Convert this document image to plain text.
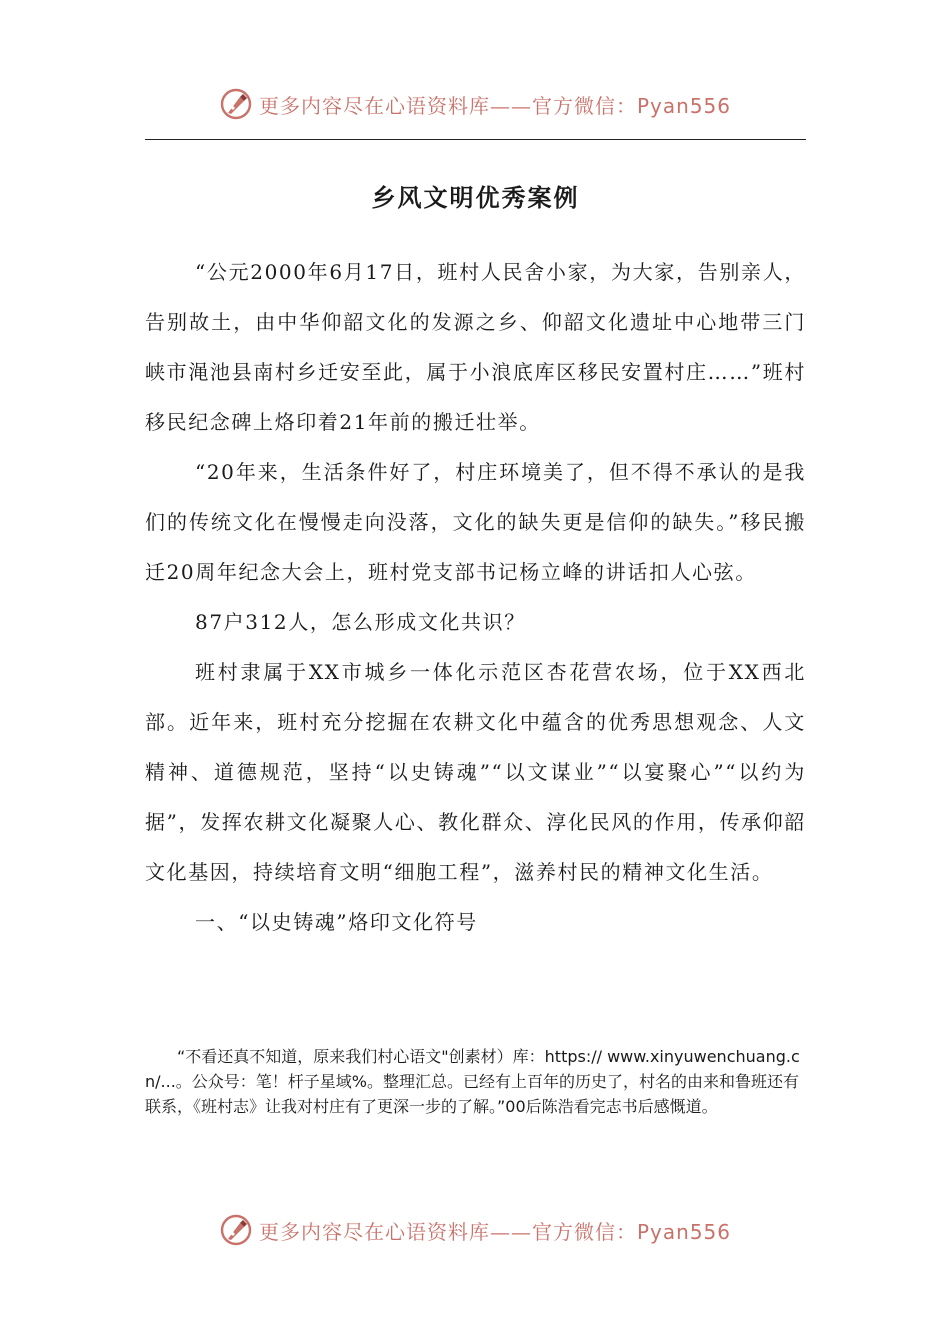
更多内容尽在心语资料库——官方微信：Pyan556
乡风文明优秀案例

“公元2000年6月17日，班村人民舍小家，为大家，告别亲人，告别故土，由中华仰韶文化的发源之乡、仰韶文化遗址中心地带三门峡市渑池县南村乡迁安至此，属于小浪底库区移民安置村庄……”班村移民纪念碑上烙印着21年前的搬迁壮举。

“20年来，生活条件好了，村庄环境美了，但不得不承认的是我们的传统文化在慢慢走向没落，文化的缺失更是信仰的缺失。”移民搬迁20周年纪念大会上，班村党支部书记杨立峰的讲话扣人心弦。

87户312人，怎么形成文化共识？

班村隶属于XX市城乡一体化示范区杏花营农场，位于XX西北部。近年来，班村充分挖掘在农耕文化中蕴含的优秀思想观念、人文精神、道德规范，坚持“以史铸魂”“以文谋业”“以宴聚心”“以约为据”，发挥农耕文化凝聚人心、教化群众、淳化民风的作用，传承仰韶文化基因，持续培育文明“细胞工程”，滋养村民的精神文化生活。

一、“以史铸魂”烙印文化符号

“不看还真不知道，原来我们村心语文"创素材）库：https:// www.xinyuwenchuang.cn/...。公众号：笔！杆子星域%。整理汇总。已经有上百年的历史了，村名的由来和鲁班还有联系，《班村志》让我对村庄有了更深一步的了解。”00后陈浩看完志书后感慨道。

更多内容尽在心语资料库——官方微信：Pyan556
